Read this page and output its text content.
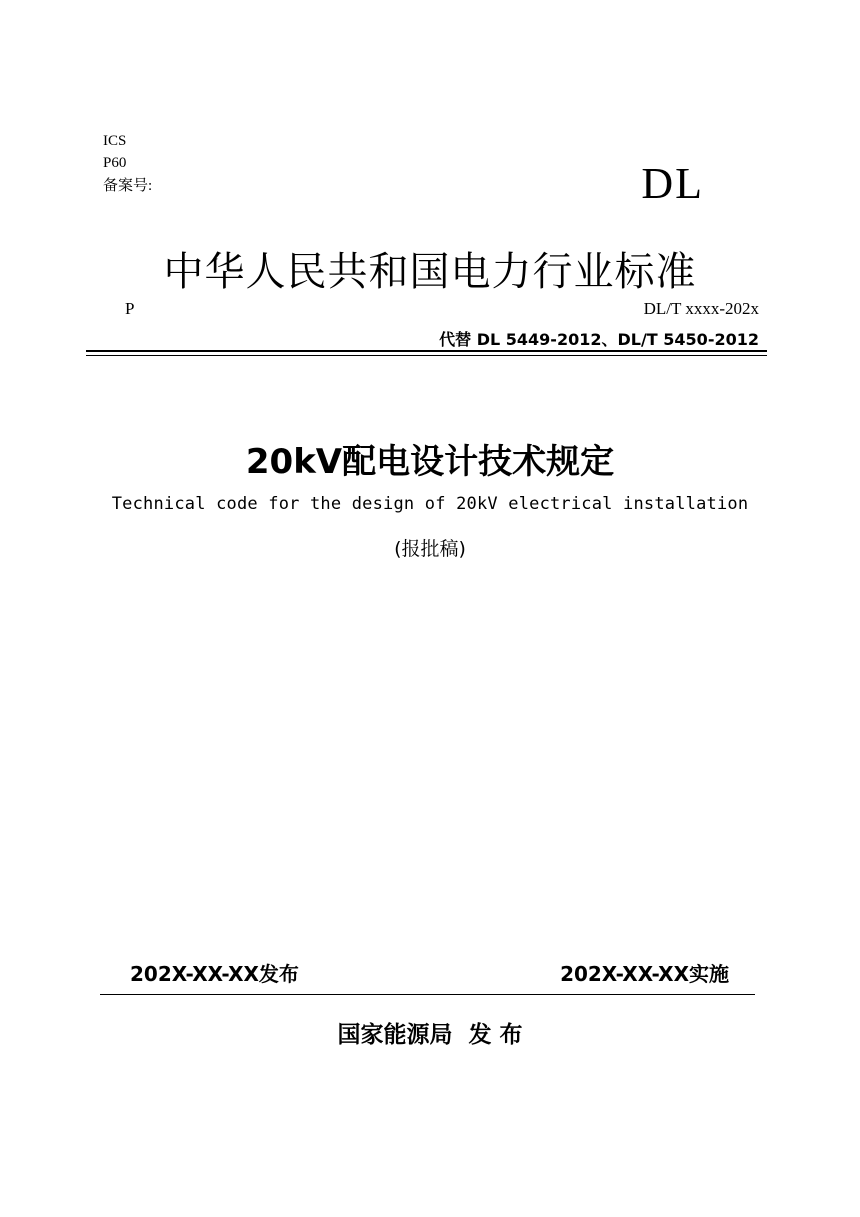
ICS
P60
备案号:	DL
中华人民共和国电力行业标准
P	DL/T xxxx-202x
代替 DL 5449-2012、DL/T 5450-2012
20kV配电设计技术规定
Technical code for the design of 20kV electrical installation
(报批稿)
202X-XX-XX发布	202X-XX-XX实施
国家能源局  发 布
